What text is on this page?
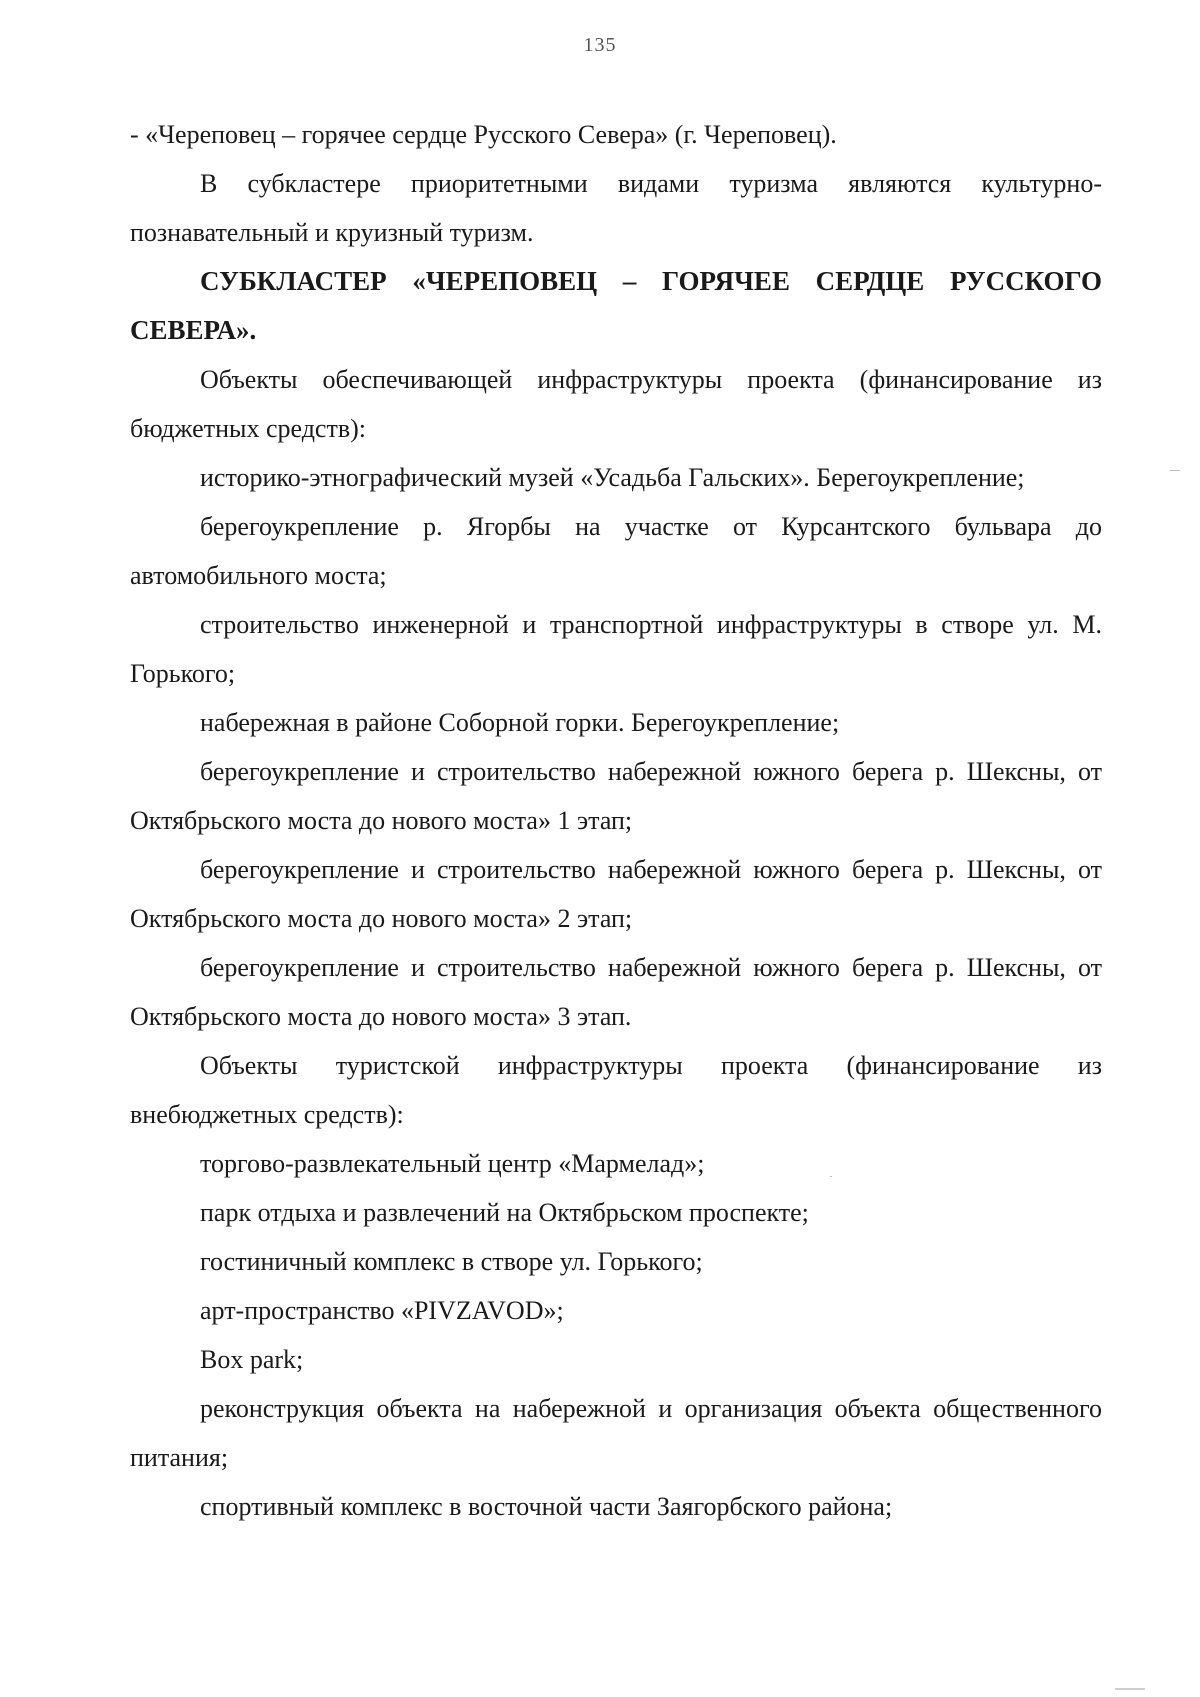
135

- «Череповец – горячее сердце Русского Севера» (г. Череповец).

В субкластере приоритетными видами туризма являются культурно-познавательный и круизный туризм.

СУБКЛАСТЕР «ЧЕРЕПОВЕЦ – ГОРЯЧЕЕ СЕРДЦЕ РУССКОГО СЕВЕРА».

Объекты обеспечивающей инфраструктуры проекта (финансирование из бюджетных средств):

историко-этнографический музей «Усадьба Гальских». Берегоукрепление;

берегоукрепление р. Ягорбы на участке от Курсантского бульвара до автомобильного моста;

строительство инженерной и транспортной инфраструктуры в створе ул. М. Горького;

набережная в районе Соборной горки. Берегоукрепление;

берегоукрепление и строительство набережной южного берега р. Шексны, от Октябрьского моста до нового моста» 1 этап;

берегоукрепление и строительство набережной южного берега р. Шексны, от Октябрьского моста до нового моста» 2 этап;

берегоукрепление и строительство набережной южного берега р. Шексны, от Октябрьского моста до нового моста» 3 этап.

Объекты туристской инфраструктуры проекта (финансирование из внебюджетных средств):

торгово-развлекательный центр «Мармелад»;

парк отдыха и развлечений на Октябрьском проспекте;

гостиничный комплекс в створе ул. Горького;

арт-пространство «PIVZAVOD»;

Box park;

реконструкция объекта на набережной и организация объекта общественного питания;

спортивный комплекс в восточной части Заягорбского района;
